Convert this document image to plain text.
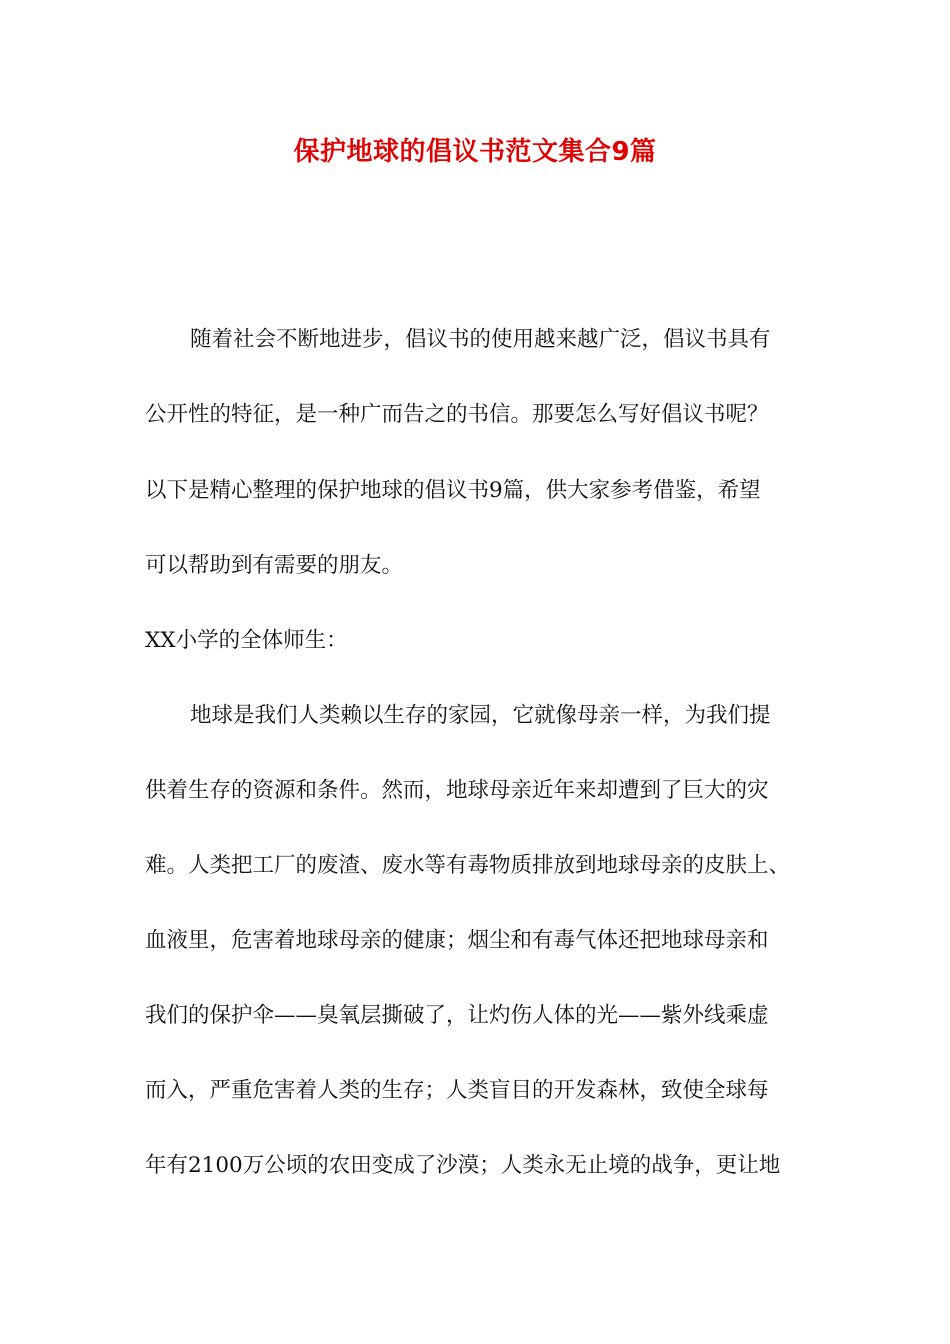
保护地球的倡议书范文集合9篇
随着社会不断地进步，倡议书的使用越来越广泛，倡议书具有
公开性的特征，是一种广而告之的书信。那要怎么写好倡议书呢？
以下是精心整理的保护地球的倡议书9篇，供大家参考借鉴，希望
可以帮助到有需要的朋友。
XX小学的全体师生：
地球是我们人类赖以生存的家园，它就像母亲一样，为我们提
供着生存的资源和条件。然而，地球母亲近年来却遭到了巨大的灾
难。人类把工厂的废渣、废水等有毒物质排放到地球母亲的皮肤上、
血液里，危害着地球母亲的健康；烟尘和有毒气体还把地球母亲和
我们的保护伞——臭氧层撕破了，让灼伤人体的光——紫外线乘虚
而入，严重危害着人类的生存；人类盲目的开发森林，致使全球每
年有2100万公顷的农田变成了沙漠；人类永无止境的战争，更让地
